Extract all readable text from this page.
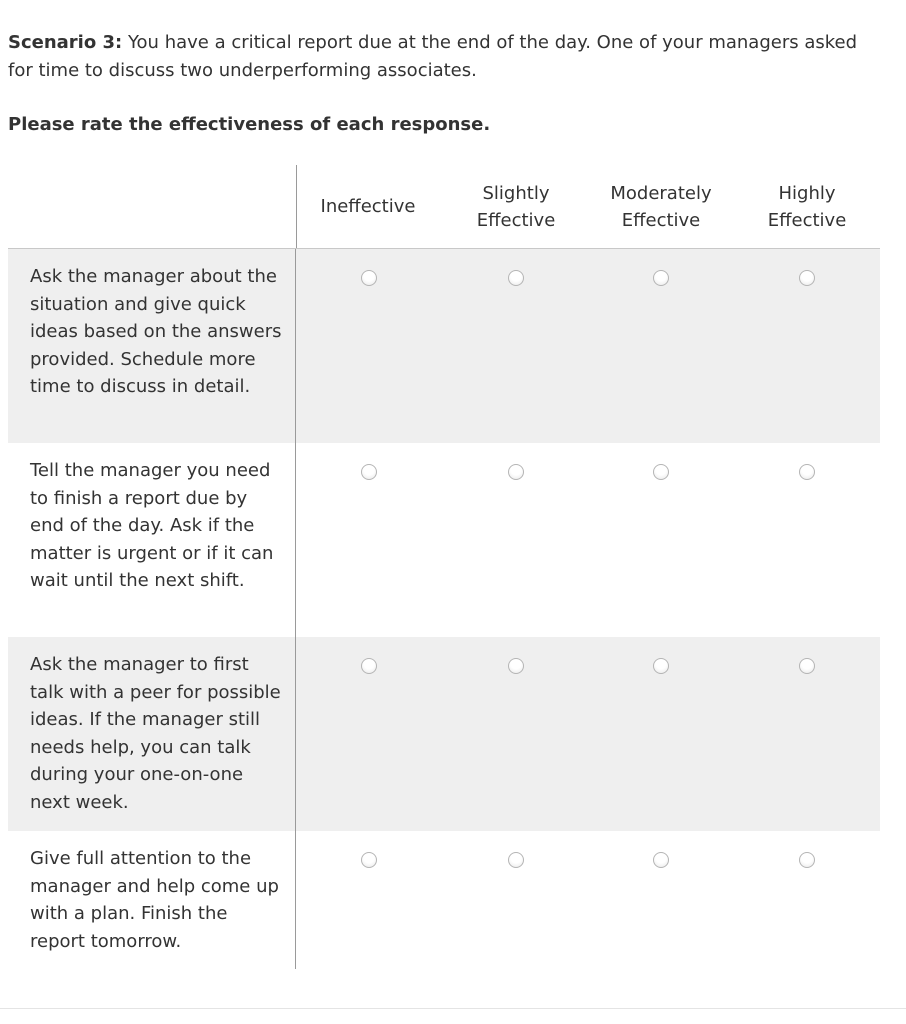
Scenario 3: You have a critical report due at the end of the day. One of your managers asked for time to discuss two underperforming associates.
Please rate the effectiveness of each response.
Ineffective
Slightly
Effective
Moderately
Effective
Highly
Effective
Ask the manager about the situation and give quick ideas based on the answers provided. Schedule more time to discuss in detail.
Tell the manager you need to finish a report due by end of the day. Ask if the matter is urgent or if it can wait until the next shift.
Ask the manager to first talk with a peer for possible ideas. If the manager still needs help, you can talk during your one-on-one next week.
Give full attention to the manager and help come up with a plan. Finish the report tomorrow.
